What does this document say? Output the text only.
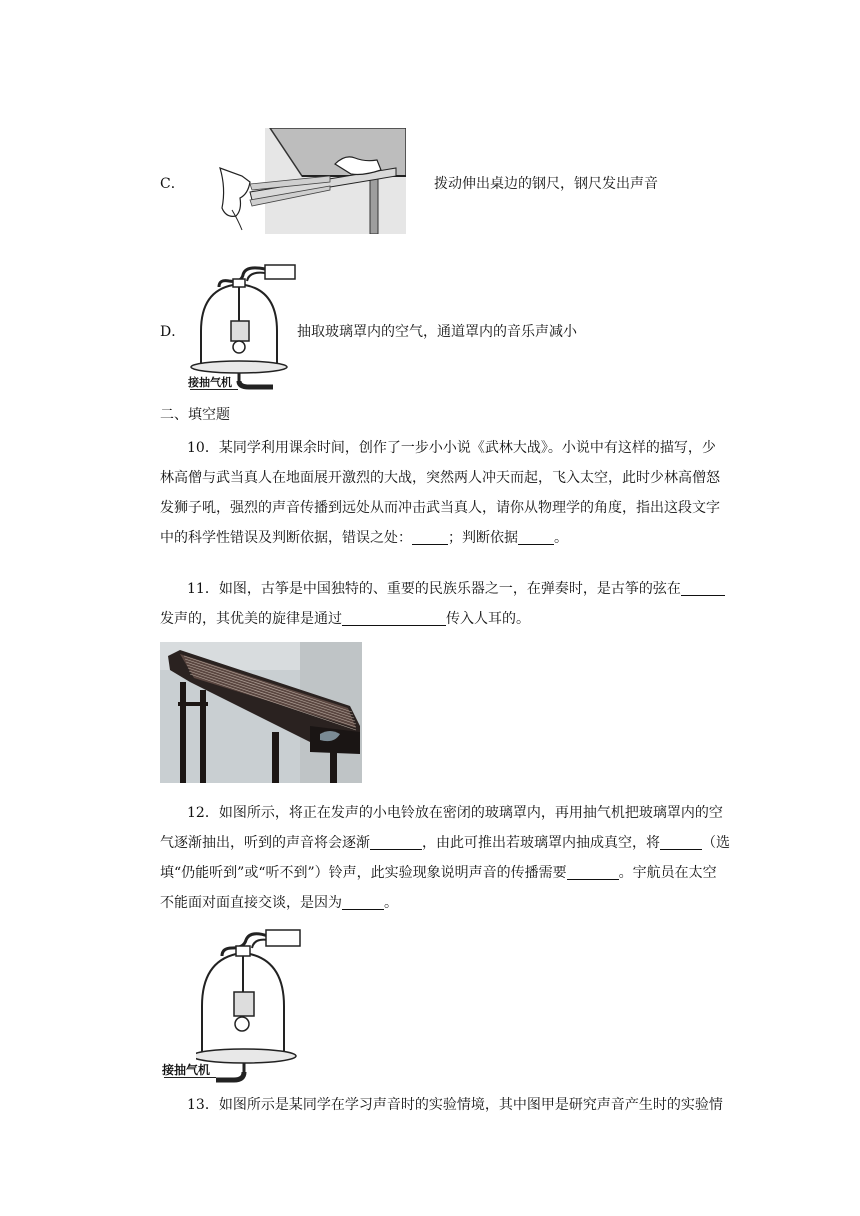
C．	拨动伸出桌边的钢尺，钢尺发出声音
D．
接抽气机
抽取玻璃罩内的空气，通道罩内的音乐声减小
二、填空题
10．某同学利用课余时间，创作了一步小小说《武林大战》。小说中有这样的描写，少
林高僧与武当真人在地面展开激烈的大战，突然两人冲天而起，飞入太空，此时少林高僧怒
发狮子吼，强烈的声音传播到远处从而冲击武当真人，请你从物理学的角度，指出这段文字
中的科学性错误及判断依据，错误之处：	；判断依据	。
11．如图，古筝是中国独特的、重要的民族乐器之一，在弹奏时，是古筝的弦在
发声的，其优美的旋律是通过	传入人耳的。
12．如图所示，将正在发声的小电铃放在密闭的玻璃罩内，再用抽气机把玻璃罩内的空
气逐渐抽出，听到的声音将会逐渐	，由此可推出若玻璃罩内抽成真空，将	（选
填“仍能听到”或“听不到”）铃声，此实验现象说明声音的传播需要	。宇航员在太空
不能面对面直接交谈，是因为	。
接抽气机
13．如图所示是某同学在学习声音时的实验情境，其中图甲是研究声音产生时的实验情
